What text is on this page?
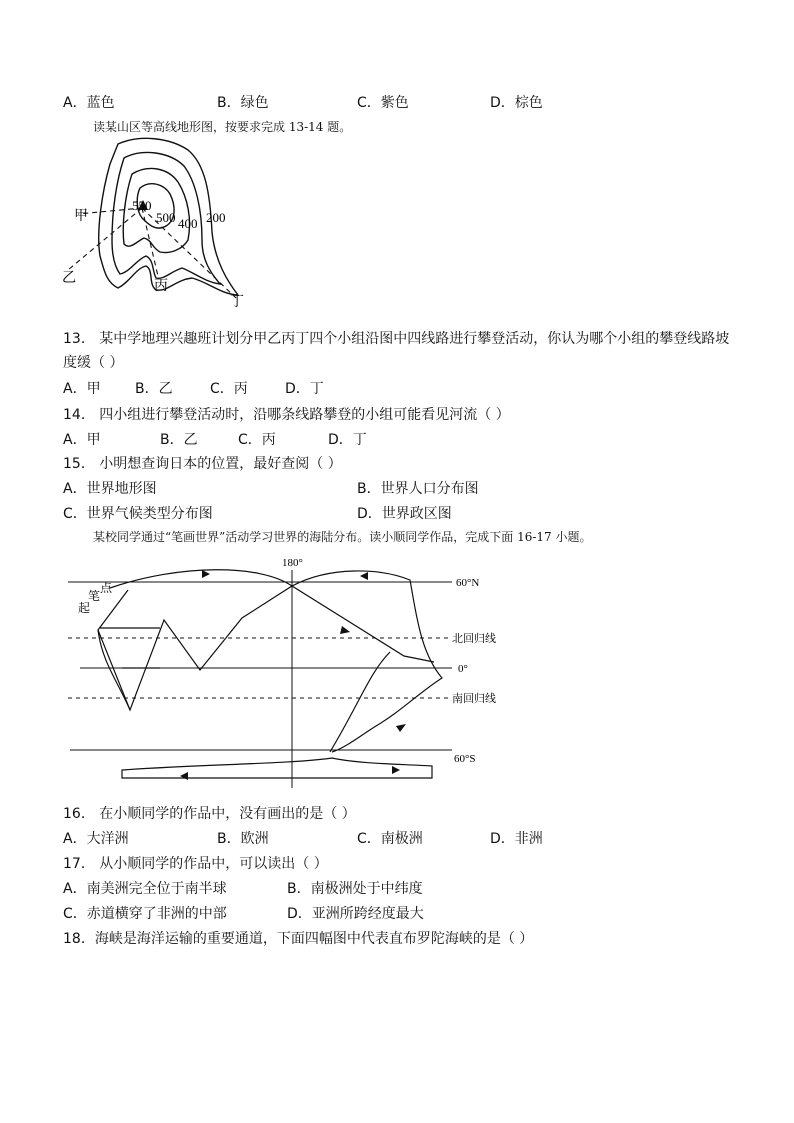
A．蓝色	B．绿色	C．紫色	D．棕色
读某山区等高线地形图，按要求完成 13-14 题。
甲
乙
丙
丁
550
500 400 200
13． 某中学地理兴趣班计划分甲乙丙丁四个小组沿图中四线路进行攀登活动，你认为哪个小组的攀登线路坡
度缓（ ）
A．甲 B．乙	C．丙	D．丁
14． 四小组进行攀登活动时，沿哪条线路攀登的小组可能看见河流（ ）
A．甲	B．乙	C．丙	D．丁
15． 小明想查询日本的位置，最好查阅（ ）
A．世界地形图	B．世界人口分布图
C．世界气候类型分布图	D．世界政区图
某校同学通过“笔画世界”活动学习世界的海陆分布。读小顺同学作品，完成下面 16-17 小题。
180°
起
笔
点	60°N
北回归线
0°
南回归线
60°S
16． 在小顺同学的作品中，没有画出的是（ ）
A．大洋洲	B．欧洲	C．南极洲	D．非洲
17． 从小顺同学的作品中，可以读出（ ）
A．南美洲完全位于南半球	B．南极洲处于中纬度
C．赤道横穿了非洲的中部	D．亚洲所跨经度最大
18．海峡是海洋运输的重要通道，下面四幅图中代表直布罗陀海峡的是（ ）
